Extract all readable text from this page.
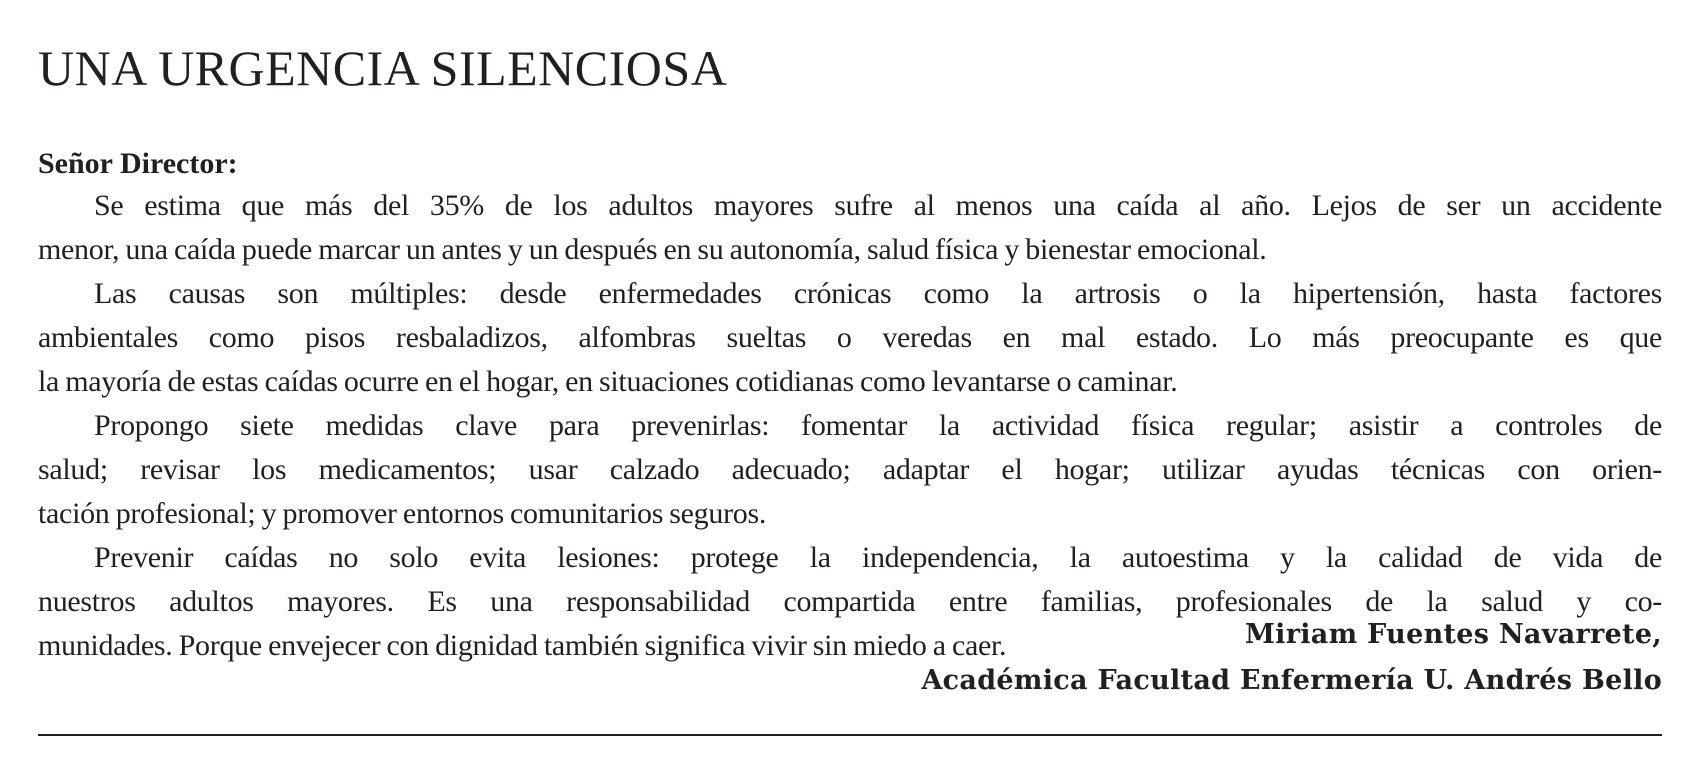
UNA URGENCIA SILENCIOSA

Señor Director:

Se estima que más del 35% de los adultos mayores sufre al menos una caída al año. Lejos de ser un accidente
menor, una caída puede marcar un antes y un después en su autonomía, salud física y bienestar emocional.
Las causas son múltiples: desde enfermedades crónicas como la artrosis o la hipertensión, hasta factores
ambientales como pisos resbaladizos, alfombras sueltas o veredas en mal estado. Lo más preocupante es que
la mayoría de estas caídas ocurre en el hogar, en situaciones cotidianas como levantarse o caminar.
Propongo siete medidas clave para prevenirlas: fomentar la actividad física regular; asistir a controles de
salud; revisar los medicamentos; usar calzado adecuado; adaptar el hogar; utilizar ayudas técnicas con orien-
tación profesional; y promover entornos comunitarios seguros.
Prevenir caídas no solo evita lesiones: protege la independencia, la autoestima y la calidad de vida de
nuestros adultos mayores. Es una responsabilidad compartida entre familias, profesionales de la salud y co-
munidades. Porque envejecer con dignidad también significa vivir sin miedo a caer.	Miriam Fuentes Navarrete,
Académica Facultad Enfermería U. Andrés Bello
